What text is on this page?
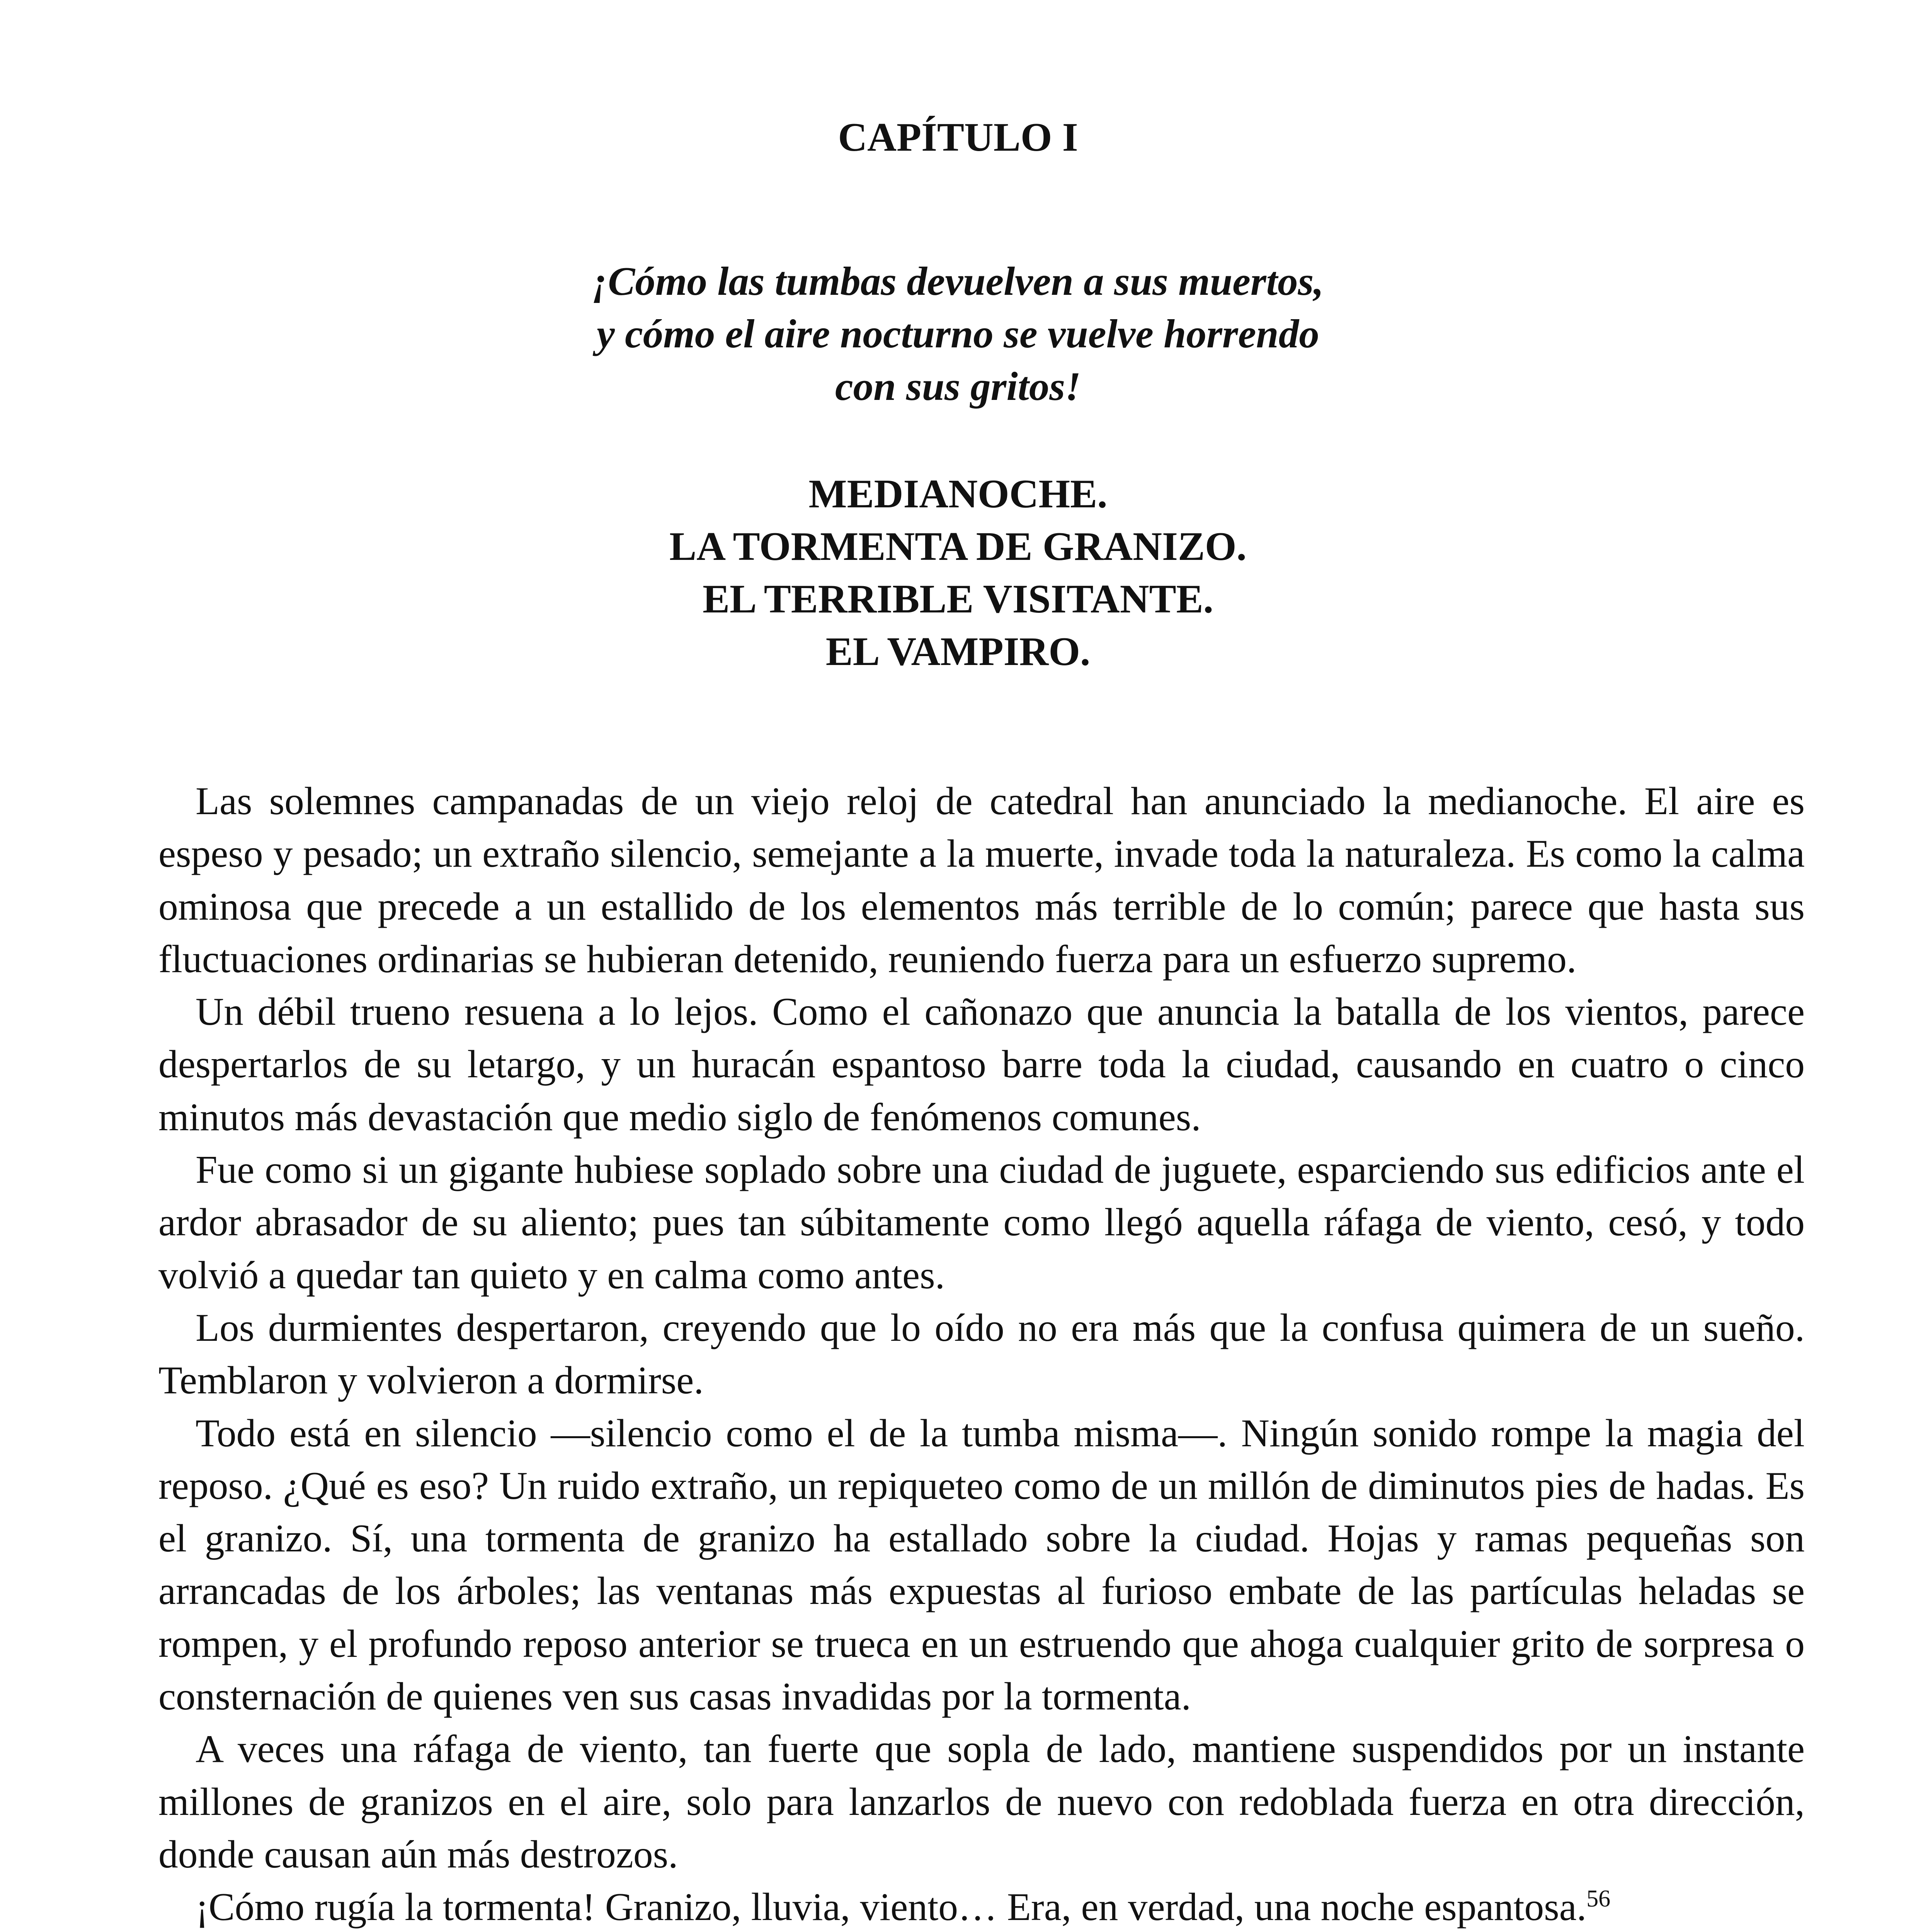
CAPÍTULO I
¡Cómo las tumbas devuelven a sus muertos,
y cómo el aire nocturno se vuelve horrendo
con sus gritos!
MEDIANOCHE.
LA TORMENTA DE GRANIZO.
EL TERRIBLE VISITANTE.
EL VAMPIRO.

Las solemnes campanadas de un viejo reloj de catedral han anunciado la medianoche. El aire es espeso y pesado; un extraño silencio, semejante a la muerte, invade toda la naturaleza. Es como la calma ominosa que precede a un estallido de los elementos más terrible de lo común; parece que hasta sus fluctuaciones ordinarias se hubieran detenido, reuniendo fuerza para un esfuerzo supremo.

Un débil trueno resuena a lo lejos. Como el cañonazo que anuncia la batalla de los vientos, parece despertarlos de su letargo, y un huracán espantoso barre toda la ciudad, causando en cuatro o cinco minutos más devastación que medio siglo de fenómenos comunes.

Fue como si un gigante hubiese soplado sobre una ciudad de juguete, esparciendo sus edificios ante el ardor abrasador de su aliento; pues tan súbitamente como llegó aquella ráfaga de viento, cesó, y todo volvió a quedar tan quieto y en calma como antes.

Los durmientes despertaron, creyendo que lo oído no era más que la confusa quimera de un sueño. Temblaron y volvieron a dormirse.

Todo está en silencio —silencio como el de la tumba misma—. Ningún sonido rompe la magia del reposo. ¿Qué es eso? Un ruido extraño, un repiqueteo como de un millón de diminutos pies de hadas. Es el granizo. Sí, una tormenta de granizo ha estallado sobre la ciudad. Hojas y ramas pequeñas son arrancadas de los árboles; las ventanas más expuestas al furioso embate de las partículas heladas se rompen, y el profundo reposo anterior se trueca en un estruendo que ahoga cualquier grito de sorpresa o consternación de quienes ven sus casas invadidas por la tormenta.

A veces una ráfaga de viento, tan fuerte que sopla de lado, mantiene suspendidos por un instante millones de granizos en el aire, solo para lanzarlos de nuevo con redoblada fuerza en otra dirección, donde causan aún más destrozos.

¡Cómo rugía la tormenta! Granizo, lluvia, viento… Era, en verdad, una noche espantosa.$^{56}$
